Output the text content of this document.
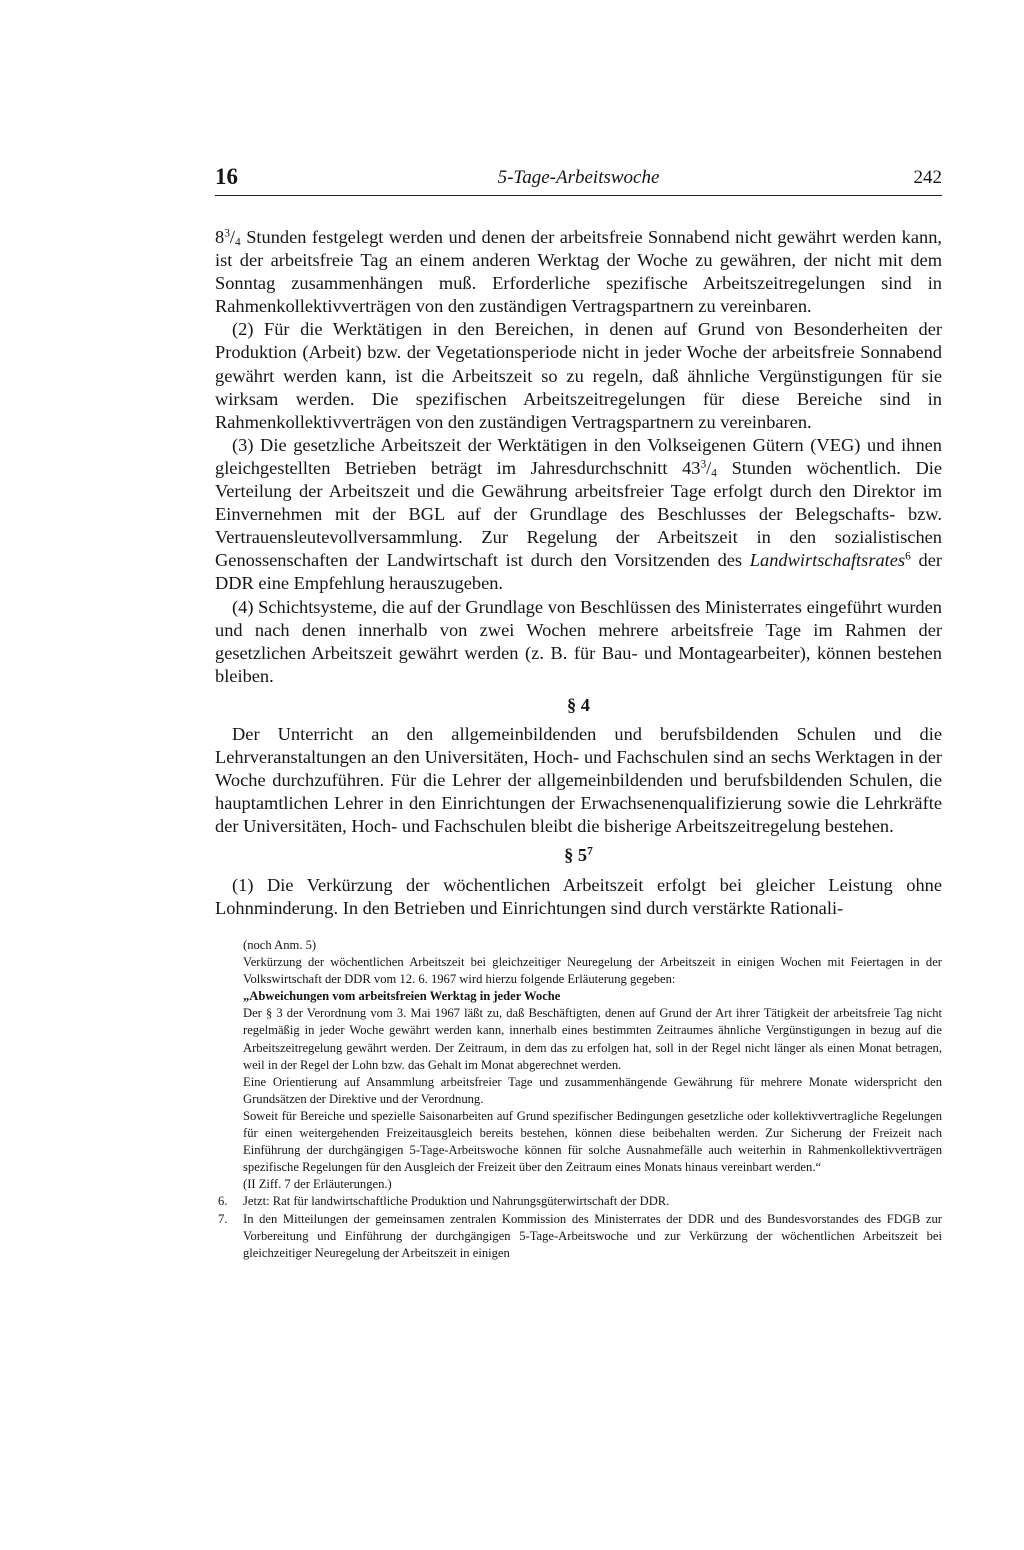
16	5-Tage-Arbeitswoche	242

$8^3/_4$ Stunden festgelegt werden und denen der arbeitsfreie Sonnabend nicht gewährt werden kann, ist der arbeitsfreie Tag an einem anderen Werktag der Woche zu gewähren, der nicht mit dem Sonntag zusammenhängen muß. Erforderliche spezifische Arbeitszeitregelungen sind in Rahmenkollektivverträgen von den zuständigen Vertragspartnern zu vereinbaren.

(2) Für die Werktätigen in den Bereichen, in denen auf Grund von Besonderheiten der Produktion (Arbeit) bzw. der Vegetationsperiode nicht in jeder Woche der arbeitsfreie Sonnabend gewährt werden kann, ist die Arbeitszeit so zu regeln, daß ähnliche Vergünstigungen für sie wirksam werden. Die spezifischen Arbeitszeitregelungen für diese Bereiche sind in Rahmenkollektivverträgen von den zuständigen Vertragspartnern zu vereinbaren.

(3) Die gesetzliche Arbeitszeit der Werktätigen in den Volkseigenen Gütern (VEG) und ihnen gleichgestellten Betrieben beträgt im Jahresdurchschnitt $43^3/_4$ Stunden wöchentlich. Die Verteilung der Arbeitszeit und die Gewährung arbeitsfreier Tage erfolgt durch den Direktor im Einvernehmen mit der BGL auf der Grundlage des Beschlusses der Belegschafts- bzw. Vertrauensleutevollversammlung. Zur Regelung der Arbeitszeit in den sozialistischen Genossenschaften der Landwirtschaft ist durch den Vorsitzenden des Landwirtschaftsrates$^6$ der DDR eine Empfehlung herauszugeben.

(4) Schichtsysteme, die auf der Grundlage von Beschlüssen des Ministerrates eingeführt wurden und nach denen innerhalb von zwei Wochen mehrere arbeitsfreie Tage im Rahmen der gesetzlichen Arbeitszeit gewährt werden (z. B. für Bau- und Montagearbeiter), können bestehen bleiben.

§ 4

Der Unterricht an den allgemeinbildenden und berufsbildenden Schulen und die Lehrveranstaltungen an den Universitäten, Hoch- und Fachschulen sind an sechs Werktagen in der Woche durchzuführen. Für die Lehrer der allgemeinbildenden und berufsbildenden Schulen, die hauptamtlichen Lehrer in den Einrichtungen der Erwachsenenqualifizierung sowie die Lehrkräfte der Universitäten, Hoch- und Fachschulen bleibt die bisherige Arbeitszeitregelung bestehen.

§ $5^7$

(1) Die Verkürzung der wöchentlichen Arbeitszeit erfolgt bei gleicher Leistung ohne Lohnminderung. In den Betrieben und Einrichtungen sind durch verstärkte Rationali-

(noch Anm. 5)

Verkürzung der wöchentlichen Arbeitszeit bei gleichzeitiger Neuregelung der Arbeitszeit in einigen Wochen mit Feiertagen in der Volkswirtschaft der DDR vom 12. 6. 1967 wird hierzu folgende Erläuterung gegeben:

„Abweichungen vom arbeitsfreien Werktag in jeder Woche

Der § 3 der Verordnung vom 3. Mai 1967 läßt zu, daß Beschäftigten, denen auf Grund der Art ihrer Tätigkeit der arbeitsfreie Tag nicht regelmäßig in jeder Woche gewährt werden kann, innerhalb eines bestimmten Zeitraumes ähnliche Vergünstigungen in bezug auf die Arbeitszeitregelung gewährt werden. Der Zeitraum, in dem das zu erfolgen hat, soll in der Regel nicht länger als einen Monat betragen, weil in der Regel der Lohn bzw. das Gehalt im Monat abgerechnet werden.

Eine Orientierung auf Ansammlung arbeitsfreier Tage und zusammenhängende Gewährung für mehrere Monate widerspricht den Grundsätzen der Direktive und der Verordnung.

Soweit für Bereiche und spezielle Saisonarbeiten auf Grund spezifischer Bedingungen gesetzliche oder kollektivvertragliche Regelungen für einen weitergehenden Freizeitausgleich bereits bestehen, können diese beibehalten werden. Zur Sicherung der Freizeit nach Einführung der durchgängigen 5-Tage-Arbeitswoche können für solche Ausnahmefälle auch weiterhin in Rahmenkollektivverträgen spezifische Regelungen für den Ausgleich der Freizeit über den Zeitraum eines Monats hinaus vereinbart werden.“

(II Ziff. 7 der Erläuterungen.)

6.	Jetzt: Rat für landwirtschaftliche Produktion und Nahrungsgüterwirtschaft der DDR.
7.	In den Mitteilungen der gemeinsamen zentralen Kommission des Ministerrates der DDR und des Bundesvorstandes des FDGB zur Vorbereitung und Einführung der durchgängigen 5-Tage-Arbeitswoche und zur Verkürzung der wöchentlichen Arbeitszeit bei gleichzeitiger Neuregelung der Arbeitszeit in einigen
